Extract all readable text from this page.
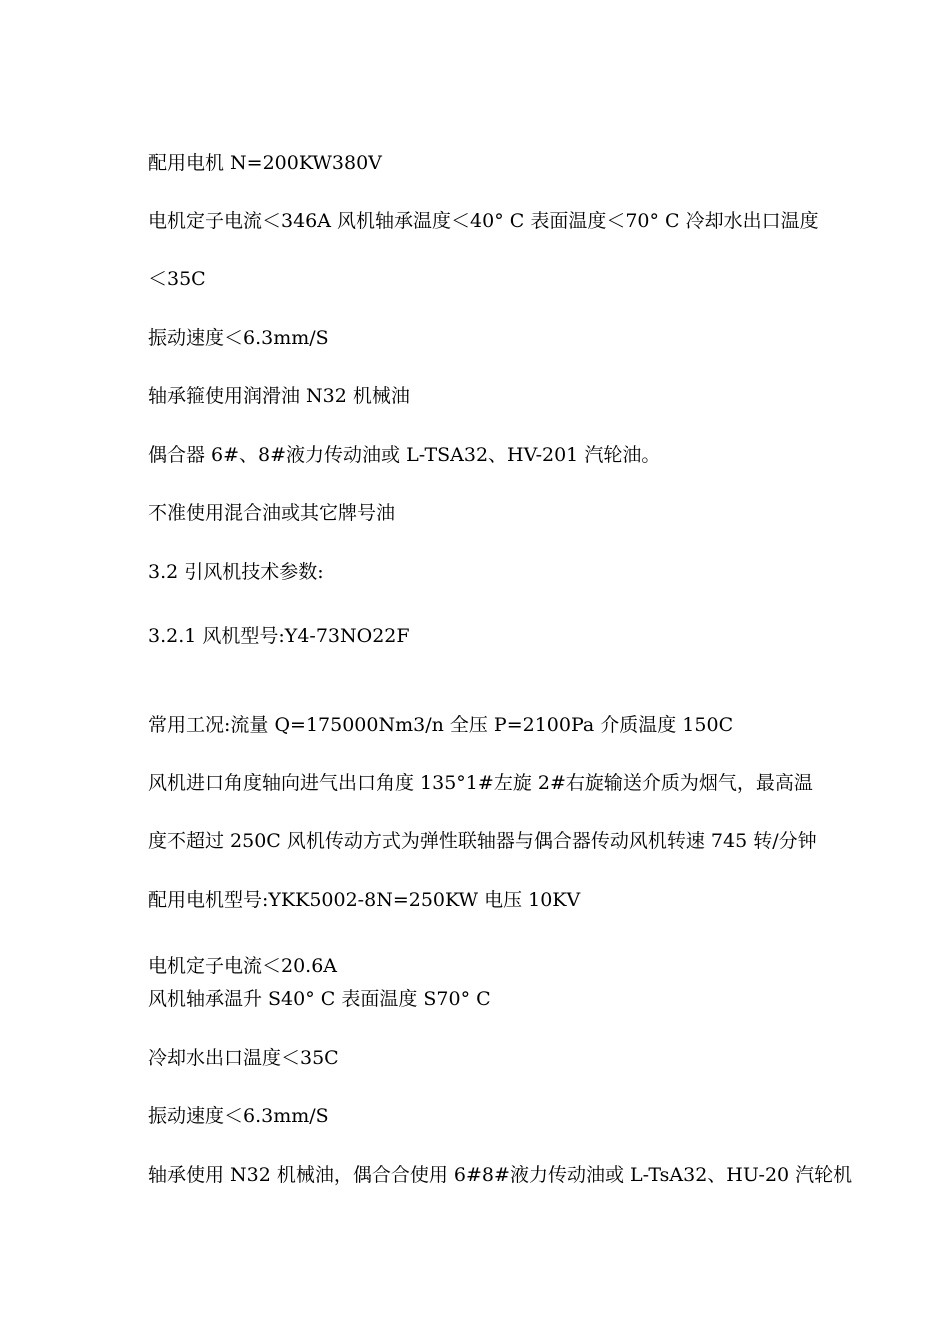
配用电机 N=200KW380V
电机定子电流＜346A 风机轴承温度＜40° C 表面温度＜70° C 冷却水出口温度
＜35C
振动速度＜6.3mm/S
轴承箍使用润滑油 N32 机械油
偶合器 6#、8#液力传动油或 L-TSA32、HV-201 汽轮油。
不准使用混合油或其它牌号油
3.2 引风机技术参数:
3.2.1 风机型号:Y4-73NO22F
常用工况:流量 Q=175000Nm3/n 全压 P=2100Pa 介质温度 150C
风机进口角度轴向进气出口角度 135°1#左旋 2#右旋输送介质为烟气，最高温
度不超过 250C 风机传动方式为弹性联轴器与偶合器传动风机转速 745 转/分钟
配用电机型号:YKK5002-8N=250KW 电压 10KV
电机定子电流＜20.6A
风机轴承温升 S40° C 表面温度 S70° C
冷却水出口温度＜35C
振动速度＜6.3mm/S
轴承使用 N32 机械油，偶合合使用 6#8#液力传动油或 L-TsA32、HU-20 汽轮机
